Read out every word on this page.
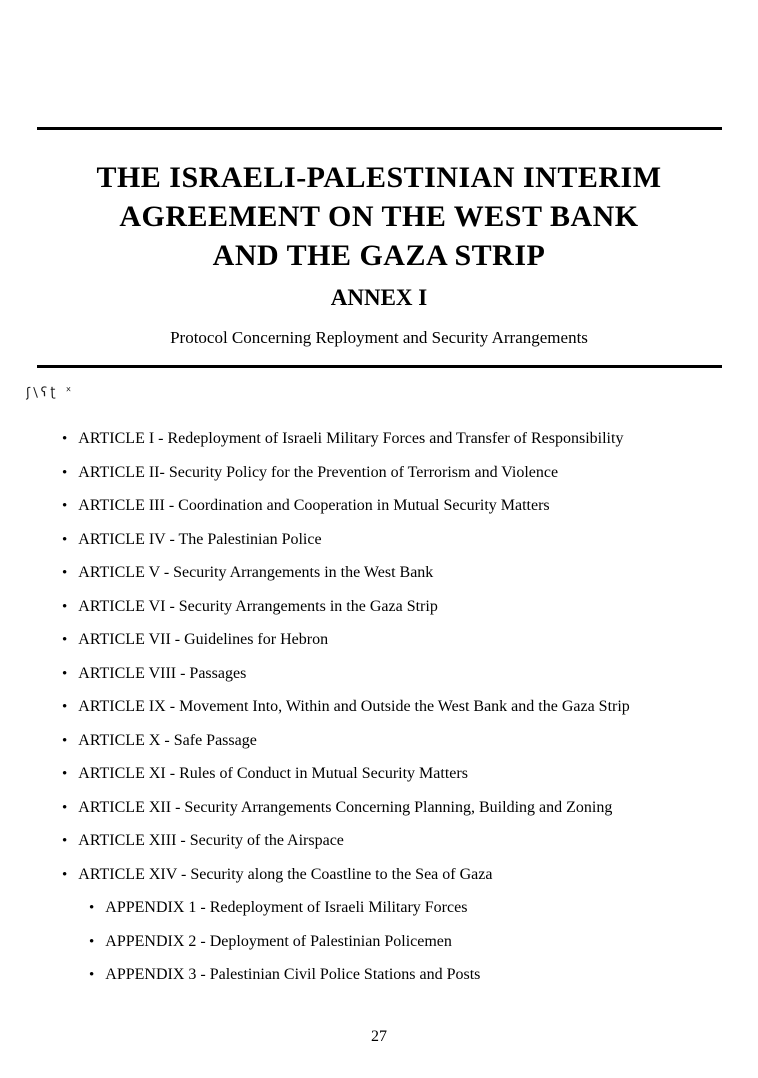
THE ISRAELI-PALESTINIAN INTERIM
AGREEMENT ON THE WEST BANK
AND THE GAZA STRIP
ANNEX I
Protocol Concerning Reployment and Security Arrangements
ʃ\ʕʈ ˣ
• ARTICLE I - Redeployment of Israeli Military Forces and Transfer of Responsibility
• ARTICLE II- Security Policy for the Prevention of Terrorism and Violence
• ARTICLE III - Coordination and Cooperation in Mutual Security Matters
• ARTICLE IV - The Palestinian Police
• ARTICLE V - Security Arrangements in the West Bank
• ARTICLE VI - Security Arrangements in the Gaza Strip
• ARTICLE VII - Guidelines for Hebron
• ARTICLE VIII - Passages
• ARTICLE IX - Movement Into, Within and Outside the West Bank and the Gaza Strip
• ARTICLE X - Safe Passage
• ARTICLE XI - Rules of Conduct in Mutual Security Matters
• ARTICLE XII - Security Arrangements Concerning Planning, Building and Zoning
• ARTICLE XIII - Security of the Airspace
• ARTICLE XIV - Security along the Coastline to the Sea of Gaza
• APPENDIX 1 - Redeployment of Israeli Military Forces
• APPENDIX 2 - Deployment of Palestinian Policemen
• APPENDIX 3 - Palestinian Civil Police Stations and Posts
27
